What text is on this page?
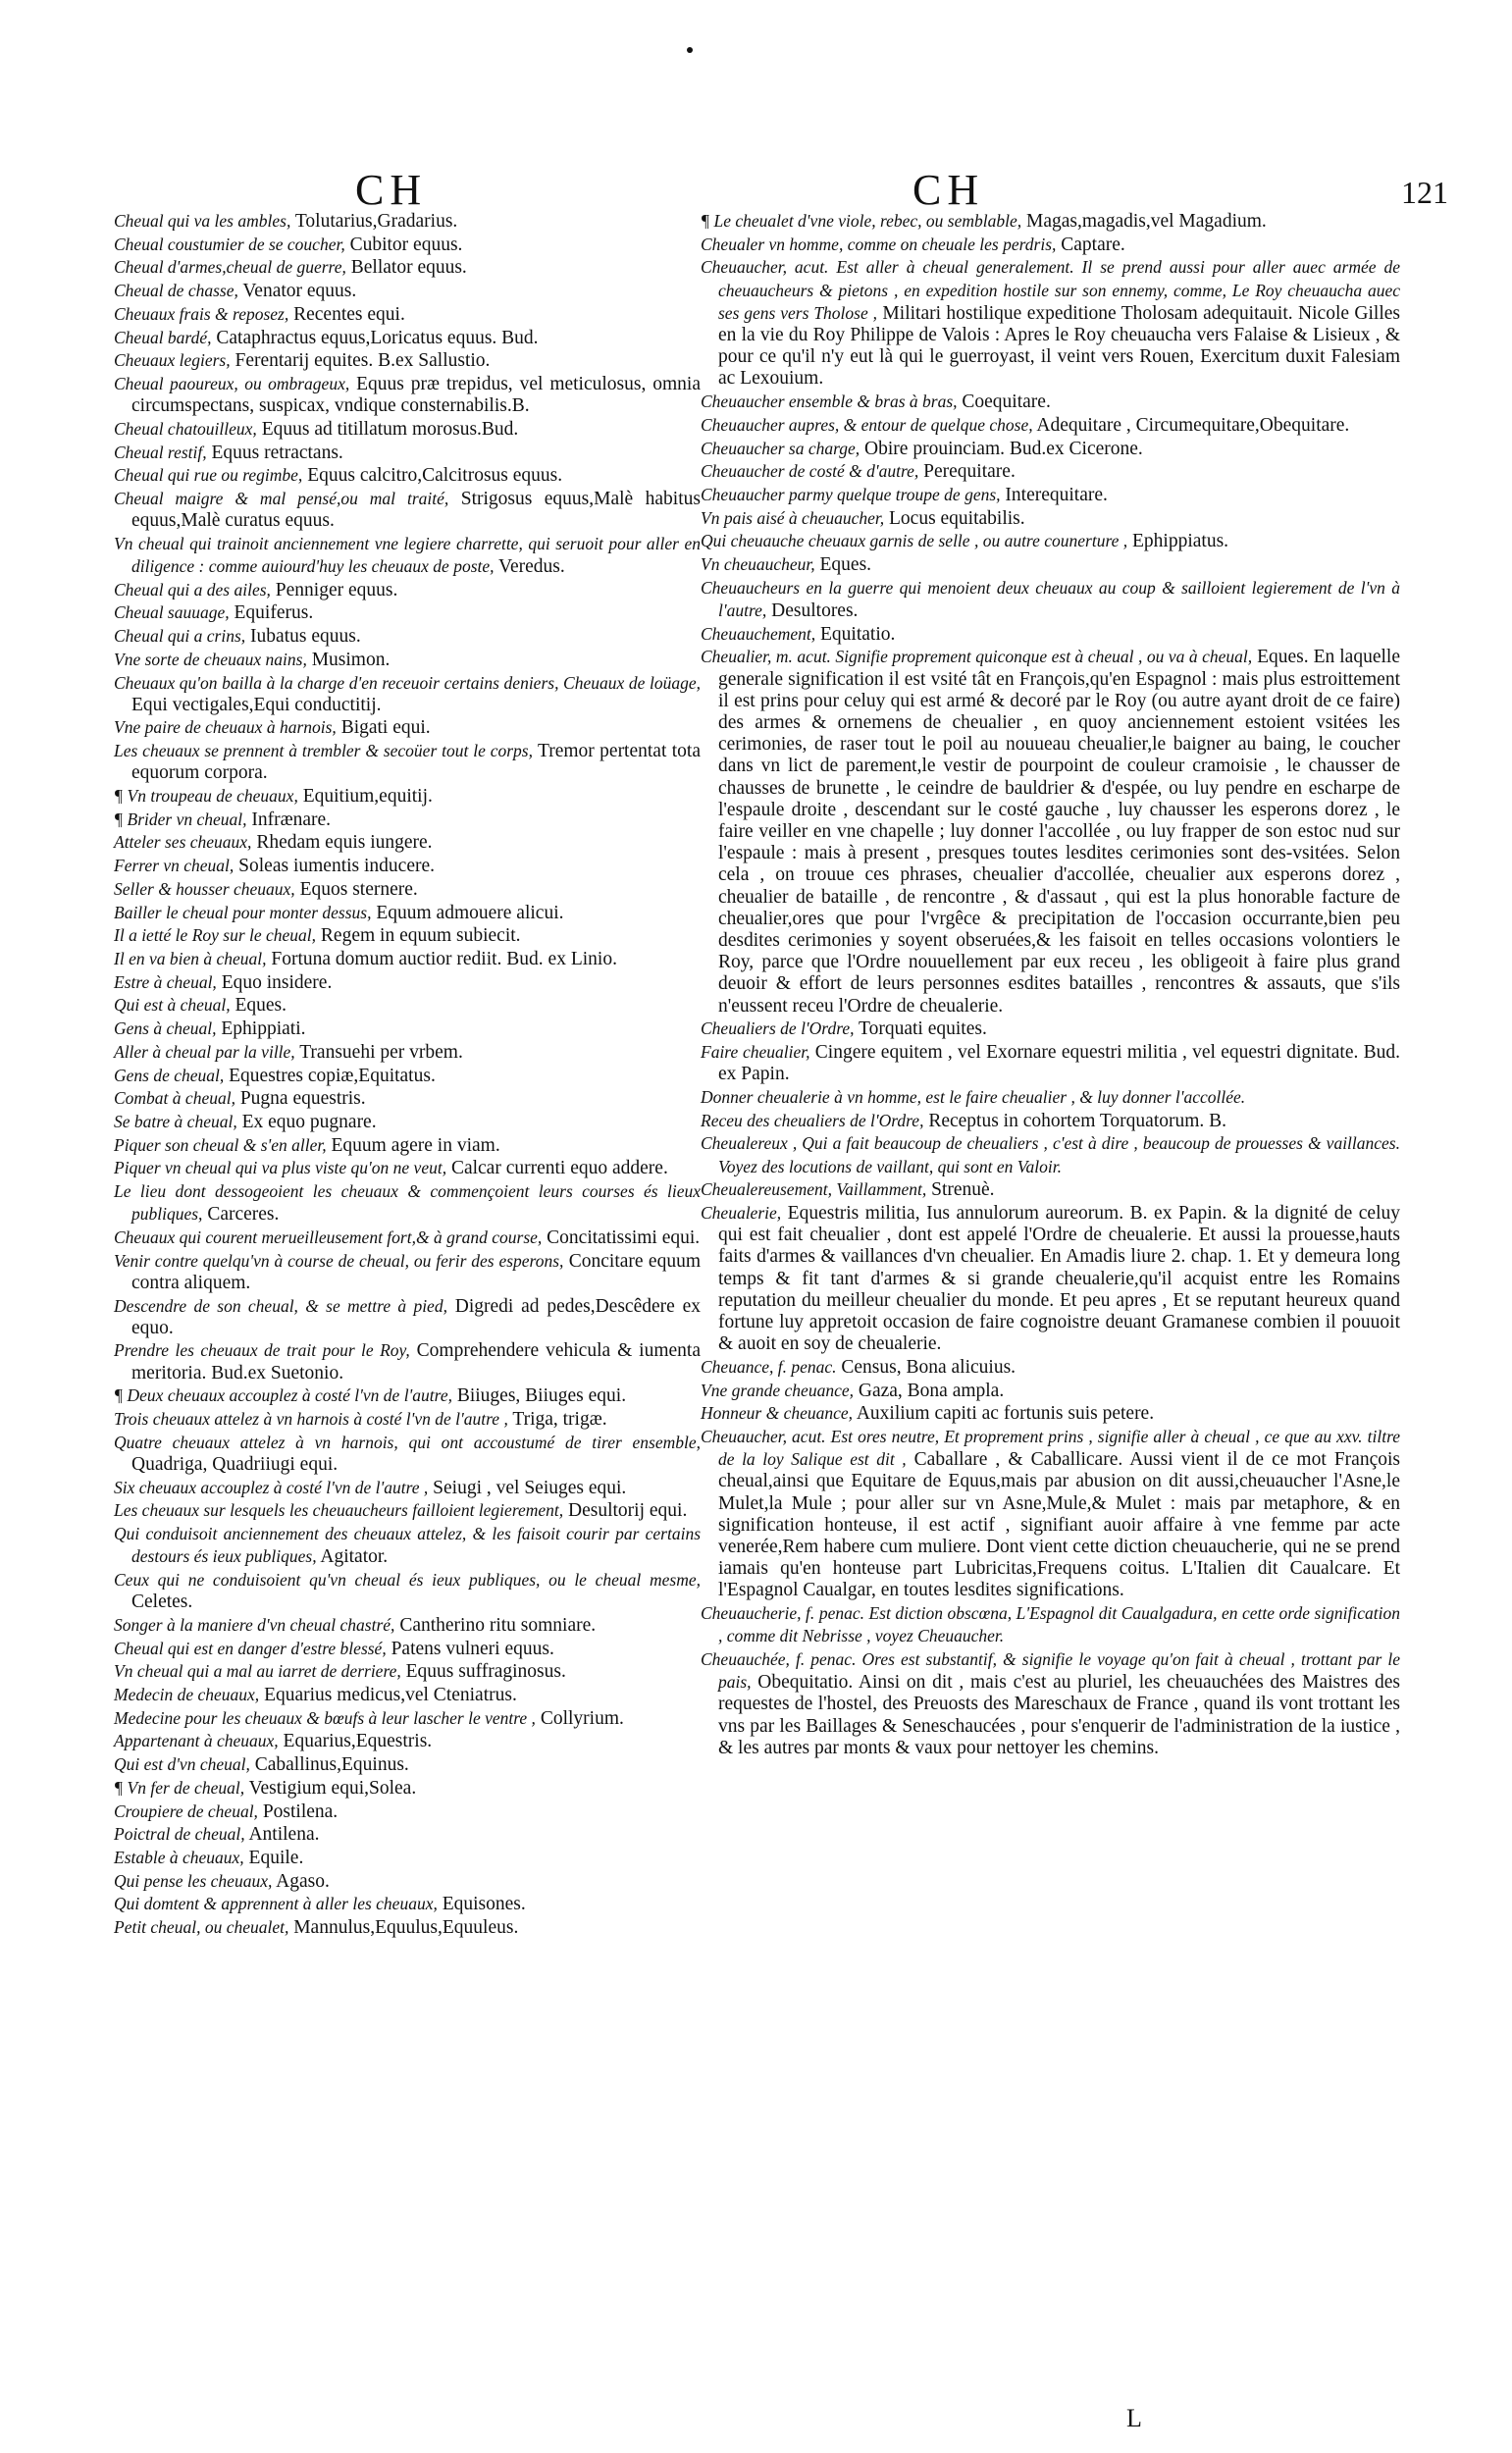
CH	CH	121

Cheual qui va les ambles, Tolutarius,Gradarius.

Cheual coustumier de se coucher, Cubitor equus.

Cheual d'armes,cheual de guerre, Bellator equus.

Cheual de chasse, Venator equus.

Cheuaux frais & reposez, Recentes equi.

Cheual bardé, Cataphractus equus,Loricatus equus. Bud.

Cheuaux legiers, Ferentarij equites. B.ex Sallustio.

Cheual paoureux, ou ombrageux, Equus præ trepidus, vel meticulosus, omnia circumspectans, suspicax, vndique consternabilis.B.

Cheual chatouilleux, Equus ad titillatum morosus.Bud.

Cheual restif, Equus retractans.

Cheual qui rue ou regimbe, Equus calcitro,Calcitrosus equus.

Cheual maigre & mal pensé,ou mal traité, Strigosus equus,Malè habitus equus,Malè curatus equus.

Vn cheual qui trainoit anciennement vne legiere charrette, qui seruoit pour aller en diligence : comme auiourd'huy les cheuaux de poste, Veredus.

Cheual qui a des ailes, Penniger equus.

Cheual sauuage, Equiferus.

Cheual qui a crins, Iubatus equus.

Vne sorte de cheuaux nains, Musimon.

Cheuaux qu'on bailla à la charge d'en receuoir certains deniers, Cheuaux de loüage, Equi vectigales,Equi conductitij.

Vne paire de cheuaux à harnois, Bigati equi.

Les cheuaux se prennent à trembler & secoüer tout le corps, Tremor pertentat tota equorum corpora.

¶ Vn troupeau de cheuaux, Equitium,equitij.

¶ Brider vn cheual, Infrænare.

Atteler ses cheuaux, Rhedam equis iungere.

Ferrer vn cheual, Soleas iumentis inducere.

Seller & housser cheuaux, Equos sternere.

Bailler le cheual pour monter dessus, Equum admouere alicui.

Il a ietté le Roy sur le cheual, Regem in equum subiecit.

Il en va bien à cheual, Fortuna domum auctior rediit. Bud. ex Linio.

Estre à cheual, Equo insidere.

Qui est à cheual, Eques.

Gens à cheual, Ephippiati.

Aller à cheual par la ville, Transuehi per vrbem.

Gens de cheual, Equestres copiæ,Equitatus.

Combat à cheual, Pugna equestris.

Se batre à cheual, Ex equo pugnare.

Piquer son cheual & s'en aller, Equum agere in viam.

Piquer vn cheual qui va plus viste qu'on ne veut, Calcar currenti equo addere.

Le lieu dont dessogeoient les cheuaux & commençoient leurs courses és lieux publiques, Carceres.

Cheuaux qui courent merueilleusement fort,& à grand course, Concitatissimi equi.

Venir contre quelqu'vn à course de cheual, ou ferir des esperons, Concitare equum contra aliquem.

Descendre de son cheual, & se mettre à pied, Digredi ad pedes,Descêdere ex equo.

Prendre les cheuaux de trait pour le Roy, Comprehendere vehicula & iumenta meritoria. Bud.ex Suetonio.

¶ Deux cheuaux accouplez à costé l'vn de l'autre, Biiuges, Biiuges equi.

Trois cheuaux attelez à vn harnois à costé l'vn de l'autre , Triga, trigæ.

Quatre cheuaux attelez à vn harnois, qui ont accoustumé de tirer ensemble, Quadriga, Quadriiugi equi.

Six cheuaux accouplez à costé l'vn de l'autre , Seiugi , vel Seiuges equi.

Les cheuaux sur lesquels les cheuaucheurs failloient legierement, Desultorij equi.

Qui conduisoit anciennement des cheuaux attelez, & les faisoit courir par certains destours és ieux publiques, Agitator.

Ceux qui ne conduisoient qu'vn cheual és ieux publiques, ou le cheual mesme, Celetes.

Songer à la maniere d'vn cheual chastré, Cantherino ritu somniare.

Cheual qui est en danger d'estre blessé, Patens vulneri equus.

Vn cheual qui a mal au iarret de derriere, Equus suffraginosus.

Medecin de cheuaux, Equarius medicus,vel Cteniatrus.

Medecine pour les cheuaux & bœufs à leur lascher le ventre , Collyrium.

Appartenant à cheuaux, Equarius,Equestris.

Qui est d'vn cheual, Caballinus,Equinus.

¶ Vn fer de cheual, Vestigium equi,Solea.

Croupiere de cheual, Postilena.

Poictral de cheual, Antilena.

Estable à cheuaux, Equile.

Qui pense les cheuaux, Agaso.

Qui domtent & apprennent à aller les cheuaux, Equisones.

Petit cheual, ou cheualet, Mannulus,Equulus,Equuleus.

¶ Le cheualet d'vne viole, rebec, ou semblable, Magas,magadis,vel Magadium.

Cheualer vn homme, comme on cheuale les perdris, Captare.

Cheuaucher, acut. Est aller à cheual generalement. Il se prend aussi pour aller auec armée de cheuaucheurs & pietons , en expedition hostile sur son ennemy, comme, Le Roy cheuaucha auec ses gens vers Tholose , Militari hostilique expeditione Tholosam adequitauit. Nicole Gilles en la vie du Roy Philippe de Valois : Apres le Roy cheuaucha vers Falaise & Lisieux , & pour ce qu'il n'y eut là qui le guerroyast, il veint vers Rouen, Exercitum duxit Falesiam ac Lexouium.

Cheuaucher ensemble & bras à bras, Coequitare.

Cheuaucher aupres, & entour de quelque chose, Adequitare , Circumequitare,Obequitare.

Cheuaucher sa charge, Obire prouinciam. Bud.ex Cicerone.

Cheuaucher de costé & d'autre, Perequitare.

Cheuaucher parmy quelque troupe de gens, Interequitare.

Vn pais aisé à cheuaucher, Locus equitabilis.

Qui cheuauche cheuaux garnis de selle , ou autre counerture , Ephippiatus.

Vn cheuaucheur, Eques.

Cheuaucheurs en la guerre qui menoient deux cheuaux au coup & sailloient legierement de l'vn à l'autre, Desultores.

Cheuauchement, Equitatio.

Cheualier, m. acut. Signifie proprement quiconque est à cheual , ou va à cheual, Eques. En laquelle generale signification il est vsité tât en François,qu'en Espagnol : mais plus estroittement il est prins pour celuy qui est armé & decoré par le Roy (ou autre ayant droit de ce faire) des armes & ornemens de cheualier , en quoy anciennement estoient vsitées les cerimonies, de raser tout le poil au nouueau cheualier,le baigner au baing, le coucher dans vn lict de parement,le vestir de pourpoint de couleur cramoisie , le chausser de chausses de brunette , le ceindre de bauldrier & d'espée, ou luy pendre en escharpe de l'espaule droite , descendant sur le costé gauche , luy chausser les esperons dorez , le faire veiller en vne chapelle ; luy donner l'accollée , ou luy frapper de son estoc nud sur l'espaule : mais à present , presques toutes lesdites cerimonies sont des-vsitées. Selon cela , on trouue ces phrases, cheualier d'accollée, cheualier aux esperons dorez , cheualier de bataille , de rencontre , & d'assaut , qui est la plus honorable facture de cheualier,ores que pour l'vrgêce & precipitation de l'occasion occurrante,bien peu desdites cerimonies y soyent obseruées,& les faisoit en telles occasions volontiers le Roy, parce que l'Ordre nouuellement par eux receu , les obligeoit à faire plus grand deuoir & effort de leurs personnes esdites batailles , rencontres & assauts, que s'ils n'eussent receu l'Ordre de cheualerie.

Cheualiers de l'Ordre, Torquati equites.

Faire cheualier, Cingere equitem , vel Exornare equestri militia , vel equestri dignitate. Bud. ex Papin.

Donner cheualerie à vn homme, est le faire cheualier , & luy donner l'accollée.

Receu des cheualiers de l'Ordre, Receptus in cohortem Torquatorum. B.

Cheualereux , Qui a fait beaucoup de cheualiers , c'est à dire , beaucoup de prouesses & vaillances. Voyez des locutions de vaillant, qui sont en Valoir.

Cheualereusement, Vaillamment, Strenuè.

Cheualerie, Equestris militia, Ius annulorum aureorum. B. ex Papin. & la dignité de celuy qui est fait cheualier , dont est appelé l'Ordre de cheualerie. Et aussi la prouesse,hauts faits d'armes & vaillances d'vn cheualier. En Amadis liure 2. chap. 1. Et y demeura long temps & fit tant d'armes & si grande cheualerie,qu'il acquist entre les Romains reputation du meilleur cheualier du monde. Et peu apres , Et se reputant heureux quand fortune luy appretoit occasion de faire cognoistre deuant Gramanese combien il pouuoit & auoit en soy de cheualerie.

Cheuance, f. penac. Census, Bona alicuius.

Vne grande cheuance, Gaza, Bona ampla.

Honneur & cheuance, Auxilium capiti ac fortunis suis petere.

Cheuaucher, acut. Est ores neutre, Et proprement prins , signifie aller à cheual , ce que au xxv. tiltre de la loy Salique est dit , Caballare , & Caballicare. Aussi vient il de ce mot François cheual,ainsi que Equitare de Equus,mais par abusion on dit aussi,cheuaucher l'Asne,le Mulet,la Mule ; pour aller sur vn Asne,Mule,& Mulet : mais par metaphore, & en signification honteuse, il est actif , signifiant auoir affaire à vne femme par acte venerée,Rem habere cum muliere. Dont vient cette diction cheuaucherie, qui ne se prend iamais qu'en honteuse part Lubricitas,Frequens coitus. L'Italien dit Caualcare. Et l'Espagnol Caualgar, en toutes lesdites significations.

Cheuaucherie, f. penac. Est diction obscœna, L'Espagnol dit Caualgadura, en cette orde signification , comme dit Nebrisse , voyez Cheuaucher.

Cheuauchée, f. penac. Ores est substantif, & signifie le voyage qu'on fait à cheual , trottant par le pais, Obequitatio. Ainsi on dit , mais c'est au pluriel, les cheuauchées des Maistres des requestes de l'hostel, des Preuosts des Mareschaux de France , quand ils vont trottant les vns par les Baillages & Seneschaucées , pour s'enquerir de l'administration de la iustice , & les autres par monts & vaux pour nettoyer les chemins.

L
